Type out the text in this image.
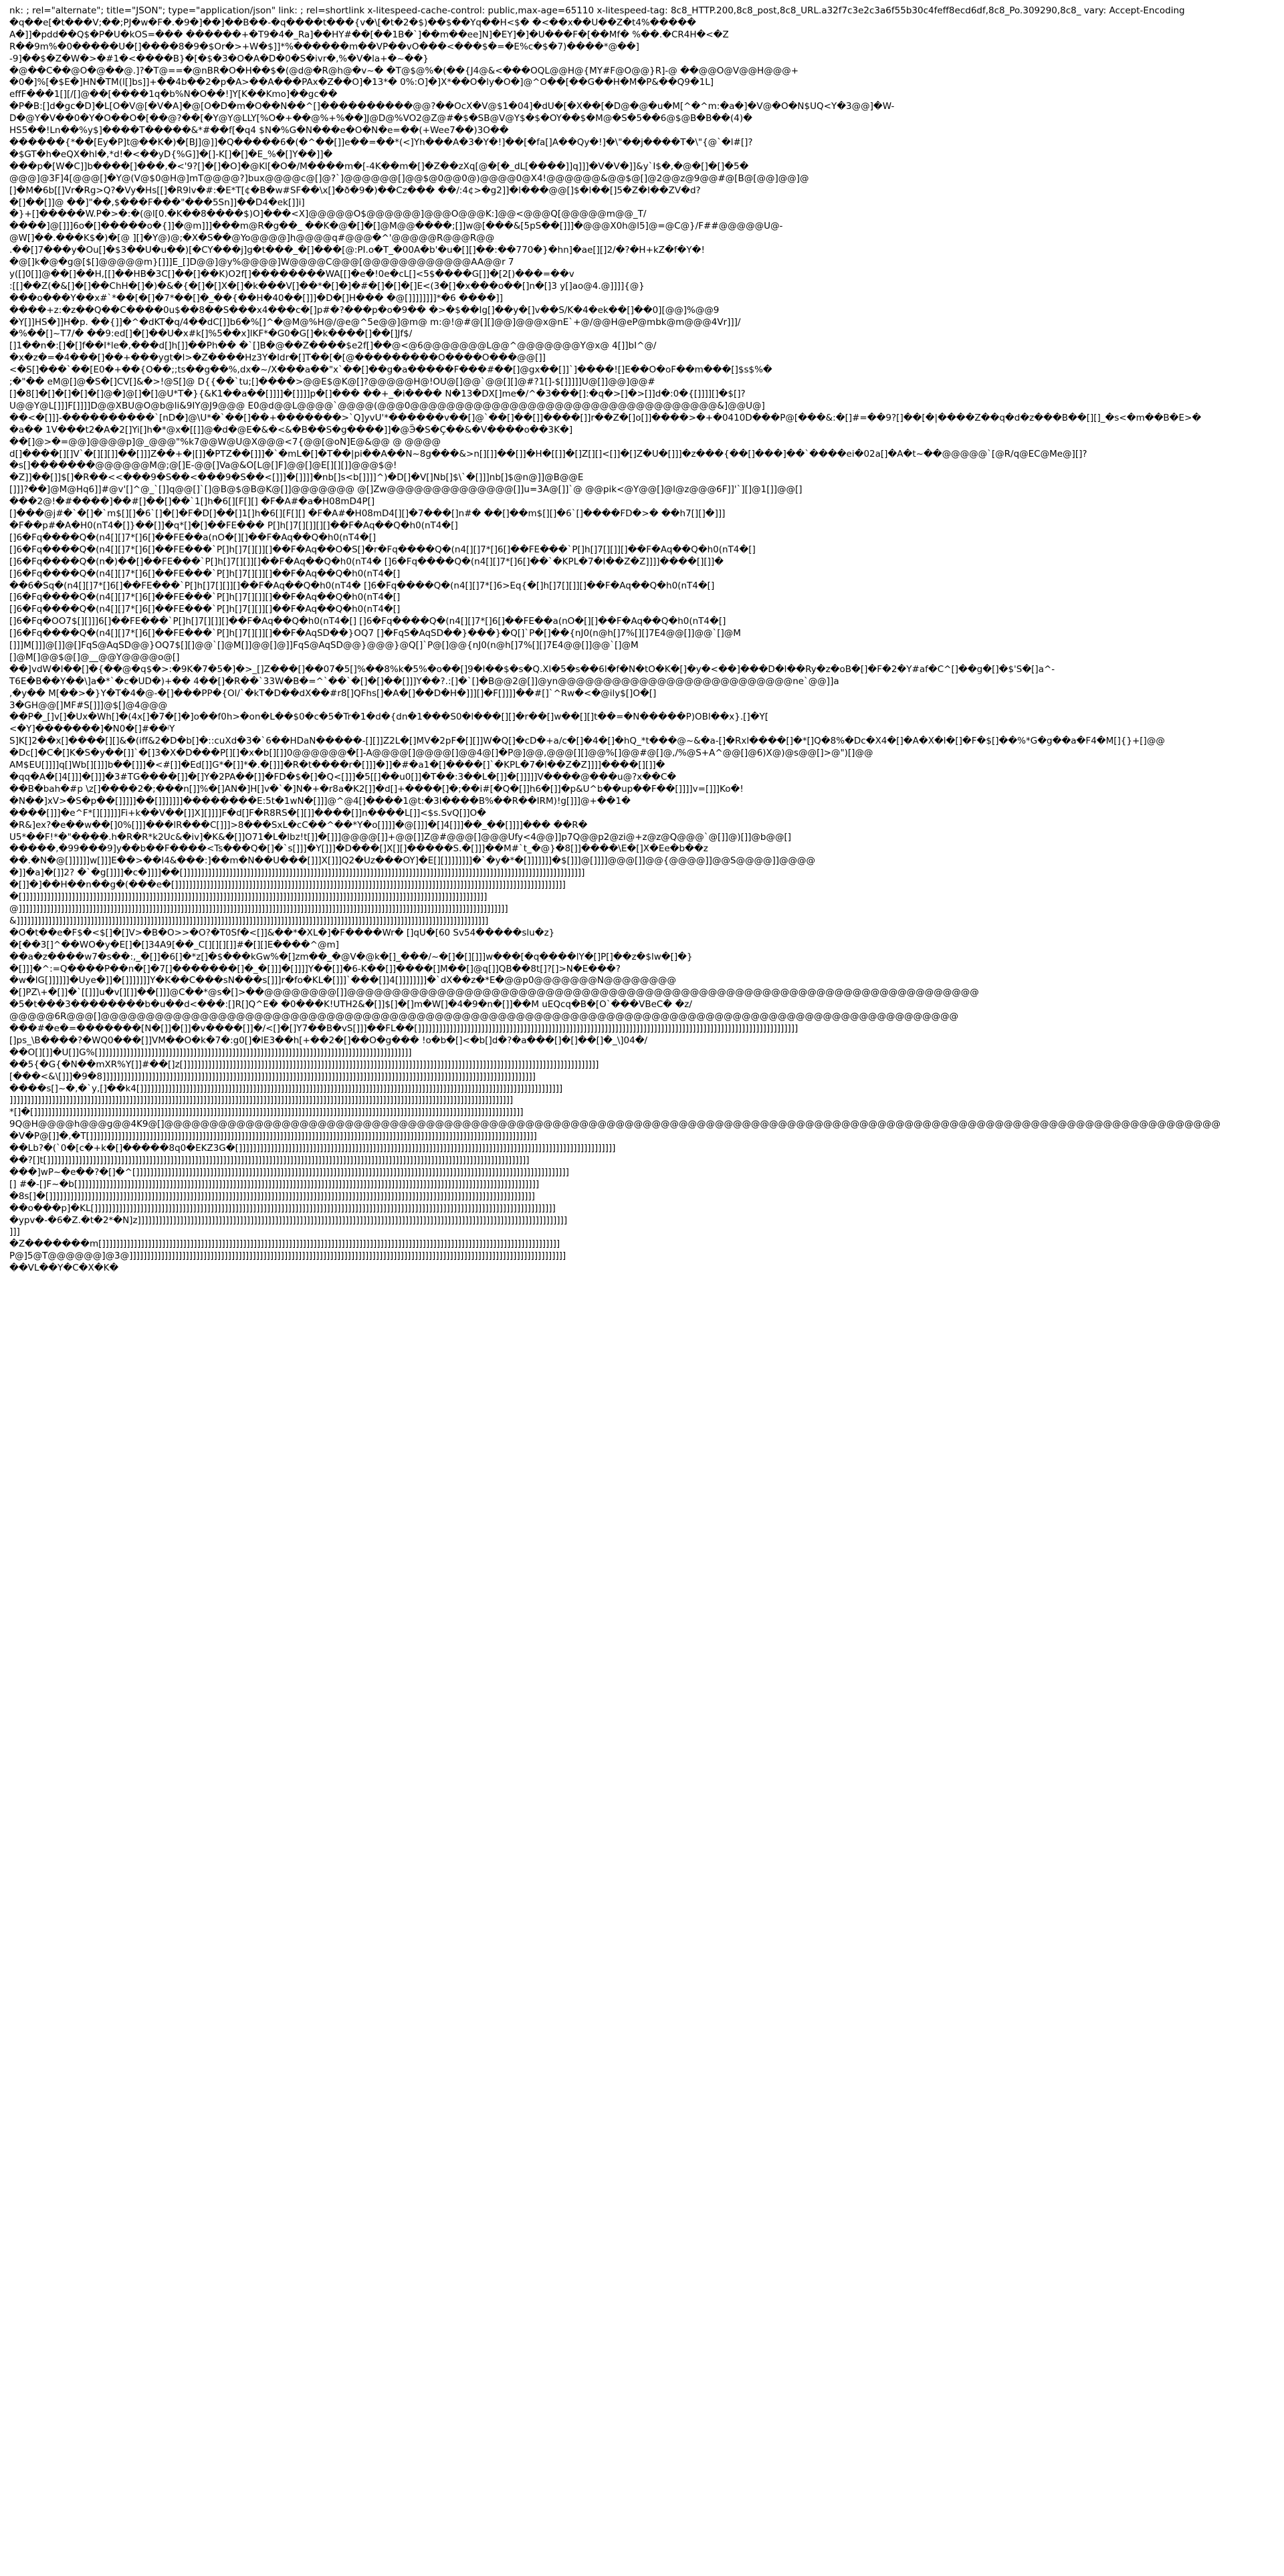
nk: ; rel="alternate"; title="JSON"; type="application/json" link: ; rel=shortlink x-litespeed-cache-control: public,max-age=65110 x-litespeed-tag: 8c8_HTTP.200,8c8_post,8c8_URL.a32f7c3e2c3a6f55b30c4feff8ecd6df,8c8_Po.309290,8c8_ vary: Accept-Encoding
�q��e[�t���V;��;PJ�w�F�.�9�]��]��B��-�q����t���{v�\[�t�2�$)��$��Yq��H<$� �<��x��U��Z�t4%�����
A�]]�pdd��Q$�P�U�kOS=��� ������+�T9�4�_Ra]��HY#��[��1B�`]��m��ee]N]�EY]�]�U���F�[��Mf� %��.�CR4H�<�Z
R��9m%�0�����U�[]����8�9�$Or�>+W�$]]*%������m��VP��vO���<���$�=�E%c�$�7)����*@��]
-9]��$�Z�W�>�#1�<����B}�[�$�3�O�A�D�0�S�ivr�,%�V�la+�~��}
�@��C��@O�@��@.]?�T@==�@nBR�O�H��$�(@d@�R@h@�v~� �T@$@%�(��{J4@&<���OQL@@H@{MY#F@O@@}R]-@ ��@@O@V@@H@@@+
�0�]%[�$E�]HN�TM(l[]bs]]+��4b��2�p�A>��A���PAx�Z��O]�13*� 0%:O]�]X*��O�ly�O�]@^O��[��G��H�M�P&��Q9�1L]
effF���1[][/[]@��[����1q�b%N�O��!]Y[K��Kmo]��gc��
�P�B:[]d�gc�D]�L[O�V@[�V�A]�@[O�D�m�O��N��^[]����������@@?��OcX�V@$1�04]�dU�[�X��[�D@�@�u�M[^�^m:�a�]�V@�O�N$UQ<Y�3@@]�W-
D�@Y�V��0�Y�O��O�[��@?��[�Y@Y@LLY[%O�+��@%+%��]J@D@%VO2@Z@#�$�SB@V@Y$�$�OY��$�M@�S�5��6@$@B�B��(4)�
HS5��!Ln��%y$]����T�����&*#��f[�q4 $N�%G�N���e�O�N�e=��(+Wee7��)3O��
������{*��[Ey�P]t@��K�)�[BJ]@]]�Q�����6�(�^��[]]e��=��*(<]Yh���A�3�Y�!]��[�fa[]A��Qy�!]�\"��j����T�\"{@`�l#[]?
�$GT�h�eQX�hl�,*d!�<��yD{%G]]�[]-K[]�[]�E_%�[]Y��]]�
���p�[W�C]]b����[]���,�<'9?[]�[]�O]�@Kl[�O�/M����m�[-4K��m�[]�Z��zXq[@�[�_dL[����]]q]]]�V�V�]]&y`I$�,�@�[]�[]�5�
@@@]@3F]4[@@@[]�Y@(V@$0@H@]mT@@@@?]bux@@@@c@[]@?`]@@@@@@[]@@$@0@@0@)@@@@0@X4!@@@@@@&@@$@[]@2@@z@9@@#@[B@[@@]@@]@
[]�M�6b[[]Vr�Rg>Q?�Vy�Hs[[]�R9lv�#:�E*T[¢�B�w#SF��\x[]�ð�9�)��Cz��� ��/:4¢>�g2]]�l���@@[]$�l��[]5�Z�I��ZV�d?
�[]��[]]@ ��]"��,$���F���"���5Sn]]��D4�ek[]]i]
�}+[]�����W.P�>�:�(@l[0.�K��8����$)O]���<X]@@@@@O$@@@@@@]@@@O@@@K:]@@<@@@Q[@@@@@m@@_T/
����]@[]]]6o�[]�����o�{]]�@m]]]���m@R�g��_ ��K�@�[]�[]@M@@����;[]]w@[���&[5pS��[]]]�@@@X0h@l5]@=@C@}/F##@@@@@U@-
@W[]��.���K$�)�[@ ][]�Y@)@;�X�S��@Yo@@@@]h@@@@q#@@@�^'@@@@@R@@@R@@
.��[]7���y�Ou[]�$3��U�u��)[�CY���j]g�t���_�[]���[@:PI.o�T_�00A�b'�u�[][]��:��770�}�hn]�ae[][]2/�?�H+kZ�f�Y�!
�@[]k�@�g@[$[]@@@@@m}[]]]E_[]D@@]@y%@@@@]W@@@@C@@@[@@@@@@@@@@@@AA@@r 7
y([]0[]]@��[]��H,[[]��HB�3C[]��[]��K)O2f[]��������WA[[]�e�!0e�cL[]<5$����G[]]�[2[)���=��v
:[[]��Z(�&[]�[]��ChH�[]�)�&�{�[]�[]X�[]�k���V[]��*�[]�]�#�[]�[]�[]E<(3�[]�x���o��[]n�[]3 y[]ao@4.@]]]]{@}
���o���Y��x#`*��[�[]�7*��[]�_��{��H�40��[]]]�D�[]H��� �@[]]]]]]]]*�6 ����]]
����+z:�z��Q��C����0u$��8��S���x4���c�[]p#�?���p�o�9�� �>�$��Ig[]��y�[]v��S/K�4�ek��[]��0][@@]%@@9
�Y[]]HS�]]H�p. ��{]]�^�dKT�q/4��dC[]]b6�%[]^�@M@%H@/@e@^5e@@]@m@ m:@!@#@[][]@@]@@@x@nE`+@/@@H@eP@mbk@m@@@4Vr]]]/
�%��[]~T7/� ��9:ed[]�[]��U�x#k[]%5��x]lKF*�G0�G[]�k����[]��[]Jf$/
[]1��n�:[]�[]f��I*le�,���d[]h[]]��Ph�� �`[]B�@��Z����$e2f[]��@<@6@@@@@@@L@@^@@@@@@@Y@x@ 4[]]bI^@/
�x�z�=�4���[]��+���ygt�l>�Z����Hz3Y�Idr�[]T��[�[@���������O����O���@@[]]
<�S[]���`��[E0�+��{O��;;ts��g��%,dx�~/X���a��"x`��[]��g�a�����F���#��[]@gx��[]]`]����![]E��O�oF��m���[]$s$%�
;�"�� eM@[]@�S�[]CV[]&�>!@S[]@ D{{��`tu;[]����>@@E$@K@[]?@@@@@H@!OU@[]@@`@@[][]@#?1[]-$[]]]]]U@[]]@@]@@#
[]�8[]�[]�[]�[]�[]@�]@[]�[]@U*T�}{&K1��a��[]]]]�[]]]]p�[]��� ��+_�i���� N�13�DX[]me�/^�3���[]:�q�>[]�>[]]d�:0�{[]]]][]�$[]?
U@@Y@L[]]]F[]]]]D@@XBU@O@b@li&9IY@J9@@@ E0@d@@L@@@@`@@@@(@@@0@@@@@@@@@@@@@@@@@@@@@@@@@@@@@@@@@@&]@@U@]
��<�[]]]-����������`[nD�]@\U*�`��[]��+�������>`Q]yvU'*������v��[]@`��[]��[]]����[]]r��Z�[]o[]]����>�+�0410D���P@[���&:�[]#=��9?[]��[�|����Z��q�d�z���B��[][]_�s<�m��B�E>�
�a�� 1V���t2�A�2[]Yi[]h�*@x�[[]]@�d�@E�&�<&�B��S�g����]]�@Ӭ�S�Ҫ��&�V����o��3K�]
��[]@>�=@@]@@@@p]@_@@@"%k7@@W@U@X@@@<7{@@[@oN]E@&@@ @ @@@@
d[]����[][]V`�[][][]]��[]]]Z��+�|[]]�PTZ��[]]]�`�mL�[]�T��|pi��A��N~8g���&>n[][]]��[]]�H�[[]]�[]Z[][]<[]]�[]Z�U�[]]]�z���{��[]���]��`����ei�02a[]�A�t~��@@@@@`[@R/q@EC@Me@][]?
�s[]�������@@@@@@M@;@[]E-@@[]Va@&O[L@[]F]@@[]@E[][][]]@@@$@!
�Z]]��[]]$[]�R��<<���9�S��<���9�S��<[]]]�[]]]]�nb[]s<b[]]]]^)�D[]�V[]Nb[]$\`�[]]]nb[]$@n@]]@B@@E
[]]]?��]@M@Hq6]]#@v'[]^@_`[]]q@@[]`[]@B@$@B@K@[]]@@@@@@@ @[]Zw@@@@@@@@@@@@@@[]]u=3A@[]]`@ @@pik<@Y@@[]@l@z@@@6F]]'`][]@1[]]@@[]
���2@!�#����]��#[]��[]��`1[]h�6[][F[][] �F�A#�a�H08mD4P[]
[]���@j#�`�[]�`m$[][]�6`[]�[]�F�D[]��[]1[]h�6[][F[][] �F�A#�H08mD4[][]�7���[]n#� ��[]��m$[][]�6`[]����FD�>� ��h7[][]�]]]
�F��p#�A�H0(nT4�[]}��[]]�q*[]�[]��FE��� P[]h[]7[][]][][]��F�Aq��Q�h0(nT4�[]
[]6�Fq����Q�(n4[][]7*[]6[]��FE��a(nO�[][]��F�Aq��Q�h0(nT4�[]
[]6�Fq����Q�(n4[][]7*[]6[]��FE���`P[]h[]7[][]][]��F�Aq��O�S[]�r�Fq����Q�(n4[][]7*[]6[]��FE���`P[]h[]7[][]][]��F�Aq��Q�h0(nT4�[]
[]6�Fq����Q�(n�)��[]��FE���`P[]h[]7[][]][]��F�Aq��Q�h0(nT4� []6�Fq����Q�(n4[][]7*[]6[]��`�KPL�7�I��Z�Z]]]]����[][]]�
[]6�Fq����Q�(n4[][]7*[]6[]��FE���`P[]h[]7[][]][]��F�Aq��Q�h0(nT4�[]
��6�Sq�(n4[][]7*[]6[]��FE���`P[]h[]7[][]][]��F�Aq��Q�h0(nT4� []6�Fq����Q�(n4[][]7*[]6>Eq{�[]h[]7[][]][]��F�Aq��Q�h0(nT4�[]
[]6�Fq����Q�(n4[][]7*[]6[]��FE���`P[]h[]7[][]][]��F�Aq��Q�h0(nT4�[]
[]6�Fq����Q�(n4[][]7*[]6[]��FE���`P[]h[]7[][]][]��F�Aq��Q�h0(nT4�[]
[]6�Fq�OO7$[][]]]6[]��FE���`P[]h[]7[][]][]��F�Aq��Q�h0(nT4�[] []6�Fq����Q�(n4[][]7*[]6[]��FE��a(nO�[][]��F�Aq��Q�h0(nT4�[]
[]6�Fq����Q�(n4[][]7*[]6[]��FE���`P[]h[]7[][]][]��F�AqSD��}OQ7 []�FqS�AqSD��}���}�Q[]`P�[]��{nJ0(n@h[]7%[][]7E4@@[]]@@`[]@M
[]]]M[]]]@[]]@[]FqS@AqSD@@}OQ7$[][]@@`[]@M[]]@@[]@]]FqS@AqSD@@}@@@}@Q[]`P@[]@@{nJ0(n@h[]7%[][]7E4@@[]]@@`[]@M
[]@M[]@@$@[]@__@@Y@@@@o@[]
��]vdW�l��[]�{��@�q$�>:�9K�7�5�]�>_[]Z���[]��07�5[]%��8%k�5%�o��[]9�l��$�s�Q.Xl�5�s��6l�f�N�tO�K�[]�y�<��]���D�l��Ry�z�oB�[]�F�2�Y#af�C^[]��g�[]�$'S�[]a^-
T6E�B��Y��\]a�*`�c�UD�)+�� 4��[]�R��`33W�B�=^`��`�[]�[]��[]]]Y��?.:[]�`[]�B@@2@[]]@yn@@@@@@@@@@@@@@@@@@@@@@@@@@ne`@@]]a
,�y�� M[��>�}Y�T�4�@-�[]���PP�{Ol/`�kT�D��dX��#r8[]QFhs[]�A�[]��D�H�]]][]�F[]]]]��#[]`^Rw�<�@ily$[]O�[]
3�GH@@[]MF#S[]]]@$[]@4@@@
��P�_[]v[]�Ux�Wh[]�(4x[]�7�[]�]o��f0h>�on�L��$0�c�5�Tr�1�d�{dn�1���S0�l���[][]�r��[]w��[][]t��=�N�����P)OBl��x}.[]�Y[
<�Y]�������]�N0�[]#��ʲY
S]K[]2��x[]����[][]&�(iff&2�D�b[]�::cuXd�3�`6��HDaN�����-[][]]Z2L�[]MV�2pF�[][]]W�Q[]�cD�+a/c�[]�4�[]�hQ_*t���@~&�a-[]�Rxl����[]�*[]Q�8%�Dc�X4�[]�A�X�l�[]�F�$[]��%*G�g��a�F4�M[]{}+[]@@
�Dc[]�C�[]K�S�y��[]]`�[]3�X�D���P[][]�x�b[][]]0@@@@@@�[]-A@@@@[]@@@@[]@@4@[]�P@]@@,@@@[][]@@%[]@@#@[]@,/%@S+A^@@[]@6)X@)@s@@[]>@")[]@@
AM$EU[]]]]q[]Wb[][]]]b��[]]]�<#[]]�Ed[]]G*�[]]*�.�[]]]�R�t����r�[]]]�]]�#�a1�[]����[]`�KPL�7�I��Z�Z]]]]����[][]]�
�qq�A�[]4[]]]�[]]]�3#TG����[]]�[]Y�2PA��[]]�FD�$�[]�Q<[]]]�5[[]��u0[]]�T��:3��L�[]]�[]]]]]V����@���u@?x��C�
��B�bah�#p \z[]����2�;���n[]]%�[]AN�]H[]v�`�]N�+�r8a�K2[]]�d[]+����[]�;��i#[�Q�[]]h6�[]]�p&U^b��up��F��[]]]]v=[]]]Ko�!
�N��]xV>�S�p��[]]]]]��[]]]]]]]��������E:5t�1wN�[]]]@^@4[]����1@t:�3l����B%��R��IRM)!g[]]]@+��1�
����[]]]�e^F*[][]]]]]Fi+k��V��[]]X][]]]]F�d[]F�R8RS�[][]]����[]]n����L[]]<$s.SvQ[]]O�
�R&]ex?�e��w��[]0%[]]]���lR���C[]]]>8���SxL�cC��^��*Y�o[]]]]�@[]]]�[]4[]]]��_��[]]]]��� ��R�
U5*��F!*�"����.h�R�R*k2Uc&�iv]�K&�[]]O71�L�lbz!t[]]�[]]]@@@@[]]+@@[]]Z@#@@@[]@@@Ufy<4@@]]p7Q@@p2@zi@+z@z@Q@@@`@[]]@)[]]@b@@[]
�����,�99���9]y��b��F����<Ts���Q�[]�`s[]]]�Y[]]]�D���[]X[][]�����S.�[]]]��M#`t_�@}�8[]]����\E�[]X�Ee�b��z
��.�N�@[]]]]]]w[]]]E��>��l4&���:]��m�N��U���[]]]X[]]]Q2�Uz���OY]�E[][]]]]]]]]�`�y�*�[]]]]]]]�$[]]]@[]]]]@@@[]]@@{@@@@]]@@S@@@@]]@@@@
�]]�a]�[]]2? �`�g[]]]]�c�]]]]��[]]]]]]]]]]]]]]]]]]]]]]]]]]]]]]]]]]]]]]]]]]]]]]]]]]]]]]]]]]]]]]]]]]]]]]]]]]]]]]]]]]]]]]]]]]]]]]]]]]]]]]]]]]]]]]]]]]
�[]]�]��H��n��g�(���e�[]]]]]]]]]]]]]]]]]]]]]]]]]]]]]]]]]]]]]]]]]]]]]]]]]]]]]]]]]]]]]]]]]]]]]]]]]]]]]]]]]]]]]]]]]]]]]]]]]]]]]]]]]]]]]]]
�[]]]]]]]]]]]]]]]]]]]]]]]]]]]]]]]]]]]]]]]]]]]]]]]]]]]]]]]]]]]]]]]]]]]]]]]]]]]]]]]]]]]]]]]]]]]]]]]]]]]]]]]]]]]]]]]]]]]]]]]]]]]]]]]]]]]]
@]]]]]]]]]]]]]]]]]]]]]]]]]]]]]]]]]]]]]]]]]]]]]]]]]]]]]]]]]]]]]]]]]]]]]]]]]]]]]]]]]]]]]]]]]]]]]]]]]]]]]]]]]]]]]]]]]]]]]]]]]]]]]]]]]]]]]]]]]]]
&]]]]]]]]]]]]]]]]]]]]]]]]]]]]]]]]]]]]]]]]]]]]]]]]]]]]]]]]]]]]]]]]]]]]]]]]]]]]]]]]]]]]]]]]]]]]]]]]]]]]]]]]]]]]]]]]]]]]]]]]]]]]]]]]]]]]]]
�O�t��e�F$�<$[]�[]V>�B�O>>�O?�T0Sf�<[]]&��*�XL�]�F����Wr� []qU�[60 Sv54�����slu�z}
�[��3[]^��WO�y�E[]�[]34A9[��_C[][][][]]#�[][]E����^@m]
��a�z����w7�s��:,_�[]]�6[]�*z[]�$���kGw%�[]zm��_�@V�@k�[]_���/~�[]�[][]]]w���[�q����lY�[]P[]��z�$lw�[]�}
�[]]]�^:=Q����P��n�[]�7[]�������[]�_�[]]]�[]]]]Y��[]]�6-K��[]]����[]M��[]@q[]]QB��8t[]?[]>N�E���?
�w�lG[]]]]]]�Uye�]]�[]]]]]]]Y�K��C���sN���s[]]]r�fo�KL�[]]]`���[]]4[]]]]]]]]�`dX��z�*E�@@p0@@@@@@@N@@@@@@@@
�[]PZ\+�[]]�`[[]]]u�v[][]]��[]]]@C��*@s�[]>��@@@@@@@@[]]@@@@@@@@@@@@@@@@@@@@@@@@@@@@@@@@@@@@@@@@@@@@@@@@@@@@@@@@@@@@@@@@@@@@@@
�5�t���3��������b�u��d<���:[]R[]Q^E� �0���K!UTH2&�[]]$[]�[]m�W[]�4�9�n�[]]��M uEQcq�B�[O`���VBeC� �z/
@@@@@6R@@@[]@@@@@@@@@@@@@@@@@@@@@@@@@@@@@@@@@@@@@@@@@@@@@@@@@@@@@@@@@@@@@@@@@@@@@@@@@@@@@@@@@@@@@@@@@@@@@@@
���#�e�=�������[N�[]]�[]]�v����[]]�/<[]�[]Y7��B�vS[]]]��FL��[]]]]]]]]]]]]]]]]]]]]]]]]]]]]]]]]]]]]]]]]]]]]]]]]]]]]]]]]]]]]]]]]]]]]]]]]]]]]]]]]]]]]]]]]]]]]]]]]]]]]]]]]]]]]
[]ps_\B����?�WQ0���[]]VM��O�k�7�:g0[]�lE3��h[+��2�[]��O�g��� !o�b�[]<�b[]d�?�a���[]�[]��[]�_\]04�/
��O[][]]�U[]]G%[]]]]]]]]]]]]]]]]]]]]]]]]]]]]]]]]]]]]]]]]]]]]]]]]]]]]]]]]]]]]]]]]]]]]]]]]]]]]]]]]]]]]]]]]]
��5{�G{�N��mXR%Y[]]#��[]z[]]]]]]]]]]]]]]]]]]]]]]]]]]]]]]]]]]]]]]]]]]]]]]]]]]]]]]]]]]]]]]]]]]]]]]]]]]]]]]]]]]]]]]]]]]]]]]]]]]]]]]]]]]]]]]]]]]]]]]
[���<&\[]]]�9�8]]]]]]]]]]]]]]]]]]]]]]]]]]]]]]]]]]]]]]]]]]]]]]]]]]]]]]]]]]]]]]]]]]]]]]]]]]]]]]]]]]]]]]]]]]]]]]]]]]]]]]]]]]]]]]]]]]]]]]]]]]]
����s[]~�,�`y,[]��k4[]]]]]]]]]]]]]]]]]]]]]]]]]]]]]]]]]]]]]]]]]]]]]]]]]]]]]]]]]]]]]]]]]]]]]]]]]]]]]]]]]]]]]]]]]]]]]]]]]]]]]]]]]]]]]]]]]]]]]]]]
]]]]]]]]]]]]]]]]]]]]]]]]]]]]]]]]]]]]]]]]]]]]]]]]]]]]]]]]]]]]]]]]]]]]]]]]]]]]]]]]]]]]]]]]]]]]]]]]]]]]]]]]]]]]]]]]]]]]]]]]]]]]]]]]]]]]]]]]]]]]]]]
*[]�[]]]]]]]]]]]]]]]]]]]]]]]]]]]]]]]]]]]]]]]]]]]]]]]]]]]]]]]]]]]]]]]]]]]]]]]]]]]]]]]]]]]]]]]]]]]]]]]]]]]]]]]]]]]]]]]]]]]]]]]]]]]]]]]]]]]]]]]]]]]
9Q@H@@@@h@@@g@@4K9@[]@@@@@@@@@@@@@@@@@@@@@@@@@@@@@@@@@@@@@@@@@@@@@@@@@@@@@@@@@@@@@@@@@@@@@@@@@@@@@@@@@@@@@@@@@@@@@@@@@@@@@@@@@@@@@@@@@@@@@
�V�P@[]]�,�T[]]]]]]]]]]]]]]]]]]]]]]]]]]]]]]]]]]]]]]]]]]]]]]]]]]]]]]]]]]]]]]]]]]]]]]]]]]]]]]]]]]]]]]]]]]]]]]]]]]]]]]]]]]]]]]]]]]]]]]]]]]]]]]]
��Lb?�(`0�[c�+k�[]�����8q0�EKZ3G�[]]]]]]]]]]]]]]]]]]]]]]]]]]]]]]]]]]]]]]]]]]]]]]]]]]]]]]]]]]]]]]]]]]]]]]]]]]]]]]]]]]]]]]]]]]]]]]]]]]]]]]]]]]]
��?[]t[]]]]]]]]]]]]]]]]]]]]]]]]]]]]]]]]]]]]]]]]]]]]]]]]]]]]]]]]]]]]]]]]]]]]]]]]]]]]]]]]]]]]]]]]]]]]]]]]]]]]]]]]]]]]]]]]]]]]]]]]]]]]]]]]]]]]]]]]]
���]wP~�e��?�[]�^[]]]]]]]]]]]]]]]]]]]]]]]]]]]]]]]]]]]]]]]]]]]]]]]]]]]]]]]]]]]]]]]]]]]]]]]]]]]]]]]]]]]]]]]]]]]]]]]]]]]]]]]]]]]]]]]]]]]]]]]]]]]
[] #�-[]F~�b[]]]]]]]]]]]]]]]]]]]]]]]]]]]]]]]]]]]]]]]]]]]]]]]]]]]]]]]]]]]]]]]]]]]]]]]]]]]]]]]]]]]]]]]]]]]]]]]]]]]]]]]]]]]]]]]]]]]]]]]]]]]]]]]]]]]
�8s[]�[]]]]]]]]]]]]]]]]]]]]]]]]]]]]]]]]]]]]]]]]]]]]]]]]]]]]]]]]]]]]]]]]]]]]]]]]]]]]]]]]]]]]]]]]]]]]]]]]]]]]]]]]]]]]]]]]]]]]]]]]]]]]]]]]]]]]]]]]]]
��o���p]�KL[]]]]]]]]]]]]]]]]]]]]]]]]]]]]]]]]]]]]]]]]]]]]]]]]]]]]]]]]]]]]]]]]]]]]]]]]]]]]]]]]]]]]]]]]]]]]]]]]]]]]]]]]]]]]]]]]]]]]]]]]]]]]]]]]]]]
�ypv�-�6�Z.�t�2*�N]z]]]]]]]]]]]]]]]]]]]]]]]]]]]]]]]]]]]]]]]]]]]]]]]]]]]]]]]]]]]]]]]]]]]]]]]]]]]]]]]]]]]]]]]]]]]]]]]]]]]]]]]]]]]]]]]]]]]]]]]]]]
]]]
�Z�������m[]]]]]]]]]]]]]]]]]]]]]]]]]]]]]]]]]]]]]]]]]]]]]]]]]]]]]]]]]]]]]]]]]]]]]]]]]]]]]]]]]]]]]]]]]]]]]]]]]]]]]]]]]]]]]]]]]]]]]]]]]]]]]]]]]]
P@]5@T@@@@@@]@3@]]]]]]]]]]]]]]]]]]]]]]]]]]]]]]]]]]]]]]]]]]]]]]]]]]]]]]]]]]]]]]]]]]]]]]]]]]]]]]]]]]]]]]]]]]]]]]]]]]]]]]]]]]]]]]]]]]]]]]]]]]]]
��VL��Y�C�X�K�
